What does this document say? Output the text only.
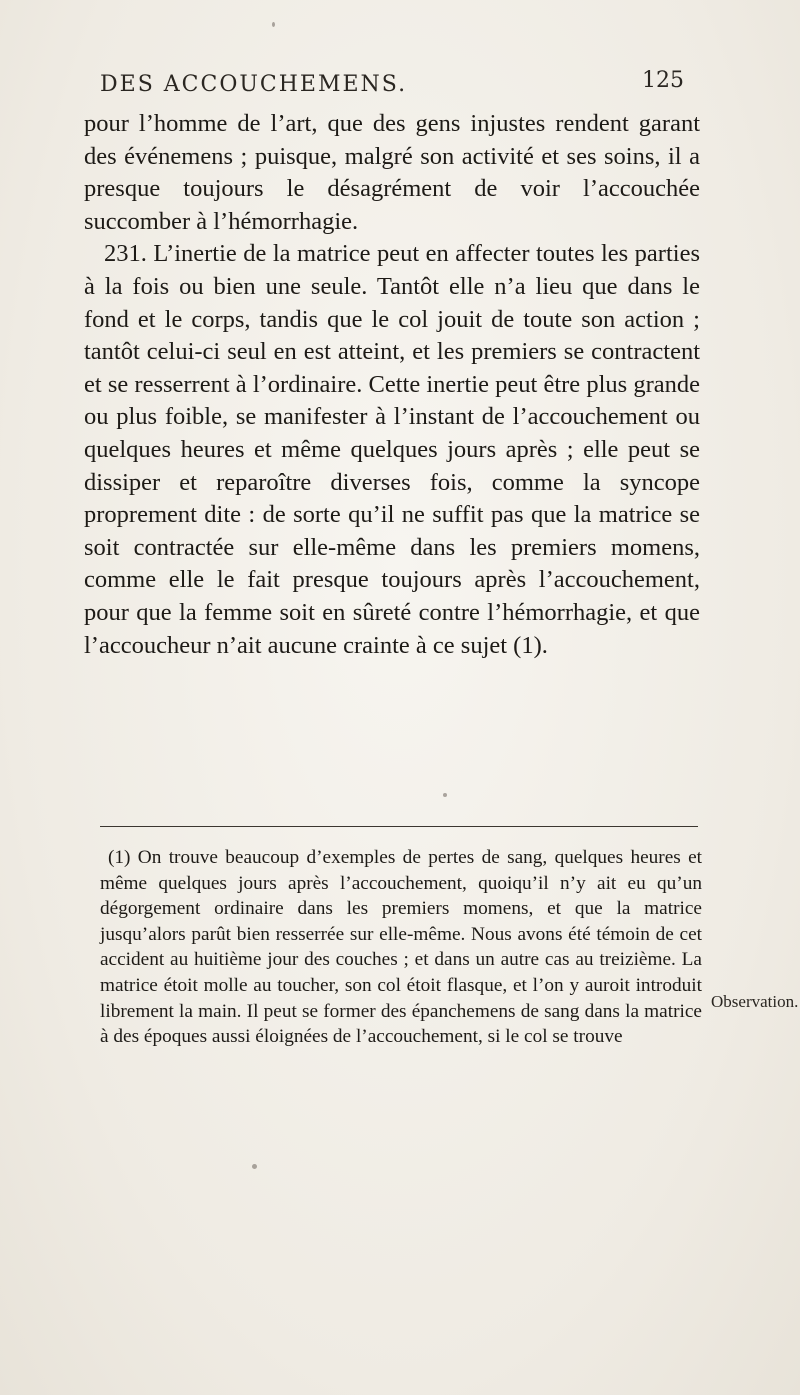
DES ACCOUCHEMENS.	125

pour l’homme de l’art, que des gens injustes rendent garant des événemens ; puisque, malgré son activité et ses soins, il a presque toujours le désagrément de voir l’accouchée succomber à l’hémorrhagie.

231. L’inertie de la matrice peut en affecter toutes les parties à la fois ou bien une seule. Tantôt elle n’a lieu que dans le fond et le corps, tandis que le col jouit de toute son action ; tantôt celui-ci seul en est atteint, et les premiers se contractent et se resserrent à l’ordinaire. Cette inertie peut être plus grande ou plus foible, se manifester à l’instant de l’accouchement ou quelques heures et même quelques jours après ; elle peut se dissiper et reparoître diverses fois, comme la syncope proprement dite : de sorte qu’il ne suffit pas que la matrice se soit contractée sur elle-même dans les premiers momens, comme elle le fait presque toujours après l’accouchement, pour que la femme soit en sûreté contre l’hémorrhagie, et que l’accoucheur n’ait aucune crainte à ce sujet (1).

(1) On trouve beaucoup d’exemples de pertes de sang, quelques heures et même quelques jours après l’accouchement, quoiqu’il n’y ait eu qu’un dégorgement ordinaire dans les premiers momens, et que la matrice jusqu’alors parût bien resserrée sur elle-même. Nous avons été témoin de cet accident au huitième jour des couches ; et dans un autre cas au treizième. La matrice étoit molle au toucher, son col étoit flasque, et l’on y auroit introduit librement la main. Il peut se former des épanchemens de sang dans la matrice à des époques aussi éloignées de l’accouchement, si le col se trouve

Observation.
